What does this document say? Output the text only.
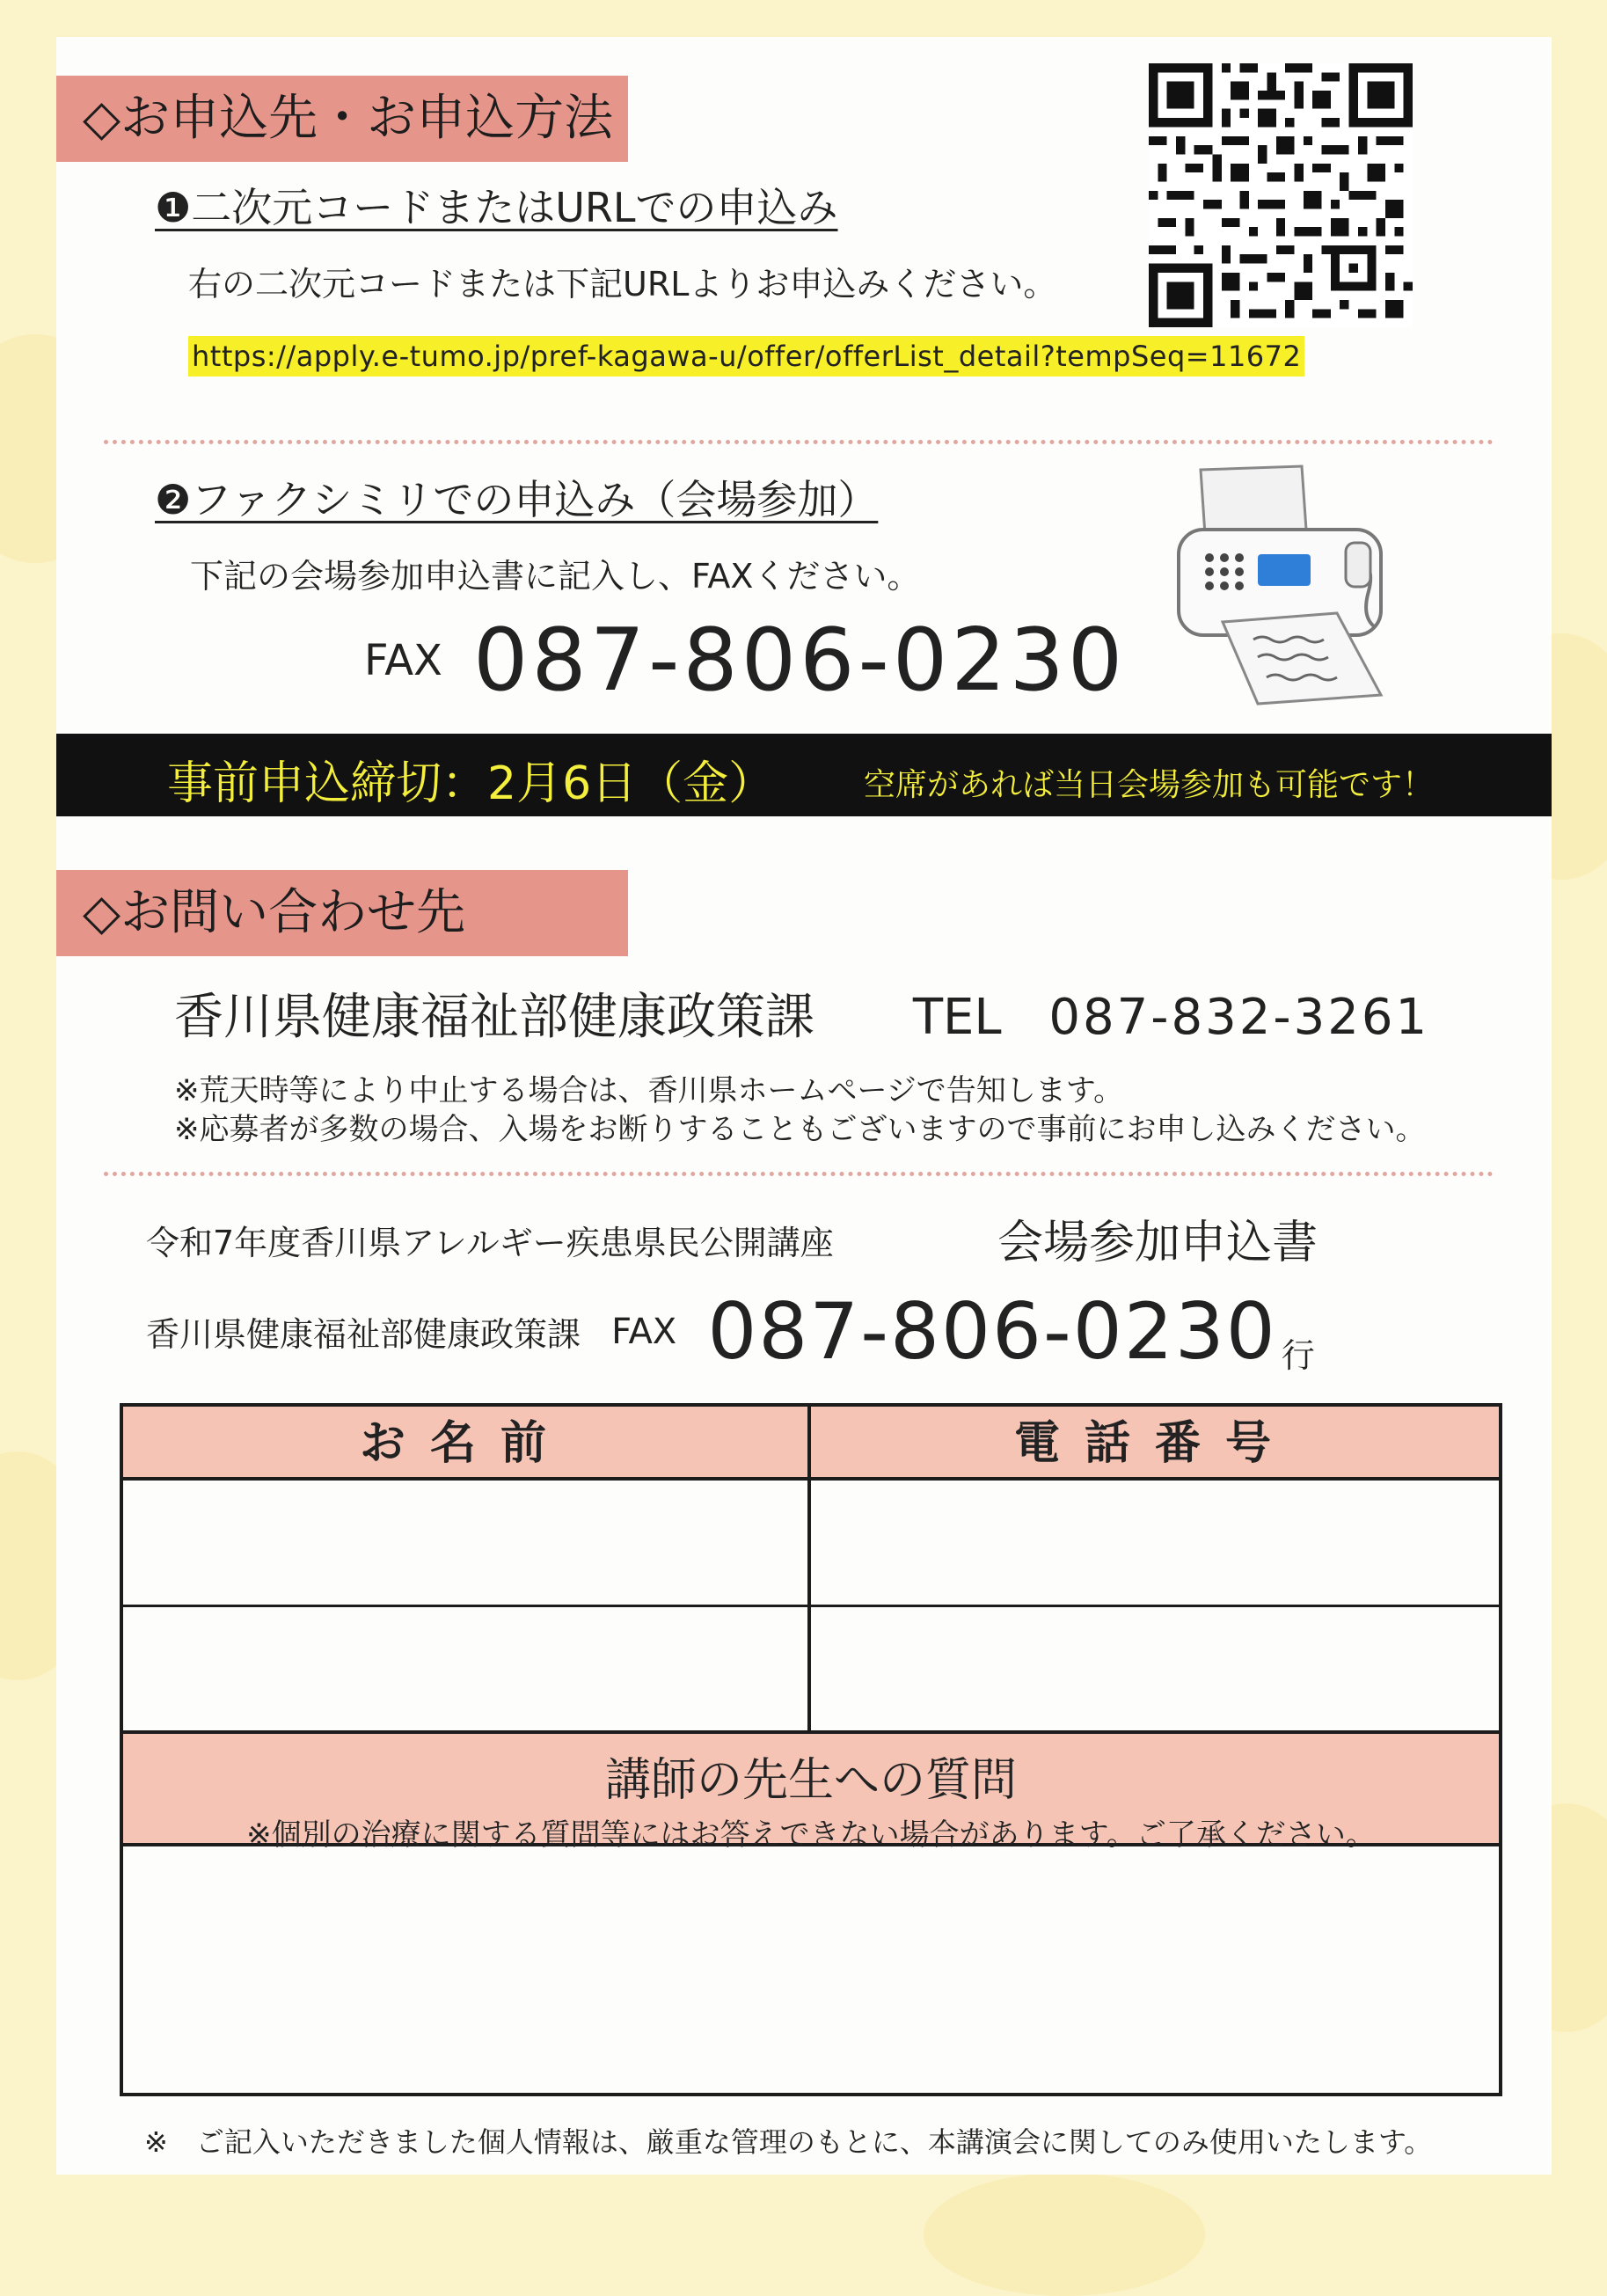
◇お申込先・お申込方法
❶二次元コードまたはURLでの申込み
右の二次元コードまたは下記URLよりお申込みください。
https://apply.e-tumo.jp/pref-kagawa-u/offer/offerList_detail?tempSeq=11672
❷ファクシミリでの申込み（会場参加）
下記の会場参加申込書に記入し、FAXください。
FAX 087-806-0230
事前申込締切：2月6日（金）	空席があれば当日会場参加も可能です！
◇お問い合わせ先
香川県健康福祉部健康政策課 TEL 087-832-3261
※荒天時等により中止する場合は、香川県ホームページで告知します。
※応募者が多数の場合、入場をお断りすることもございますので事前にお申し込みください。
令和7年度香川県アレルギー疾患県民公開講座	会場参加申込書
香川県健康福祉部健康政策課 FAX 087-806-0230 行
お名前	電話番号
講師の先生への質問
※個別の治療に関する質問等にはお答えできない場合があります。ご了承ください。
※　ご記入いただきました個人情報は、厳重な管理のもとに、本講演会に関してのみ使用いたします。
